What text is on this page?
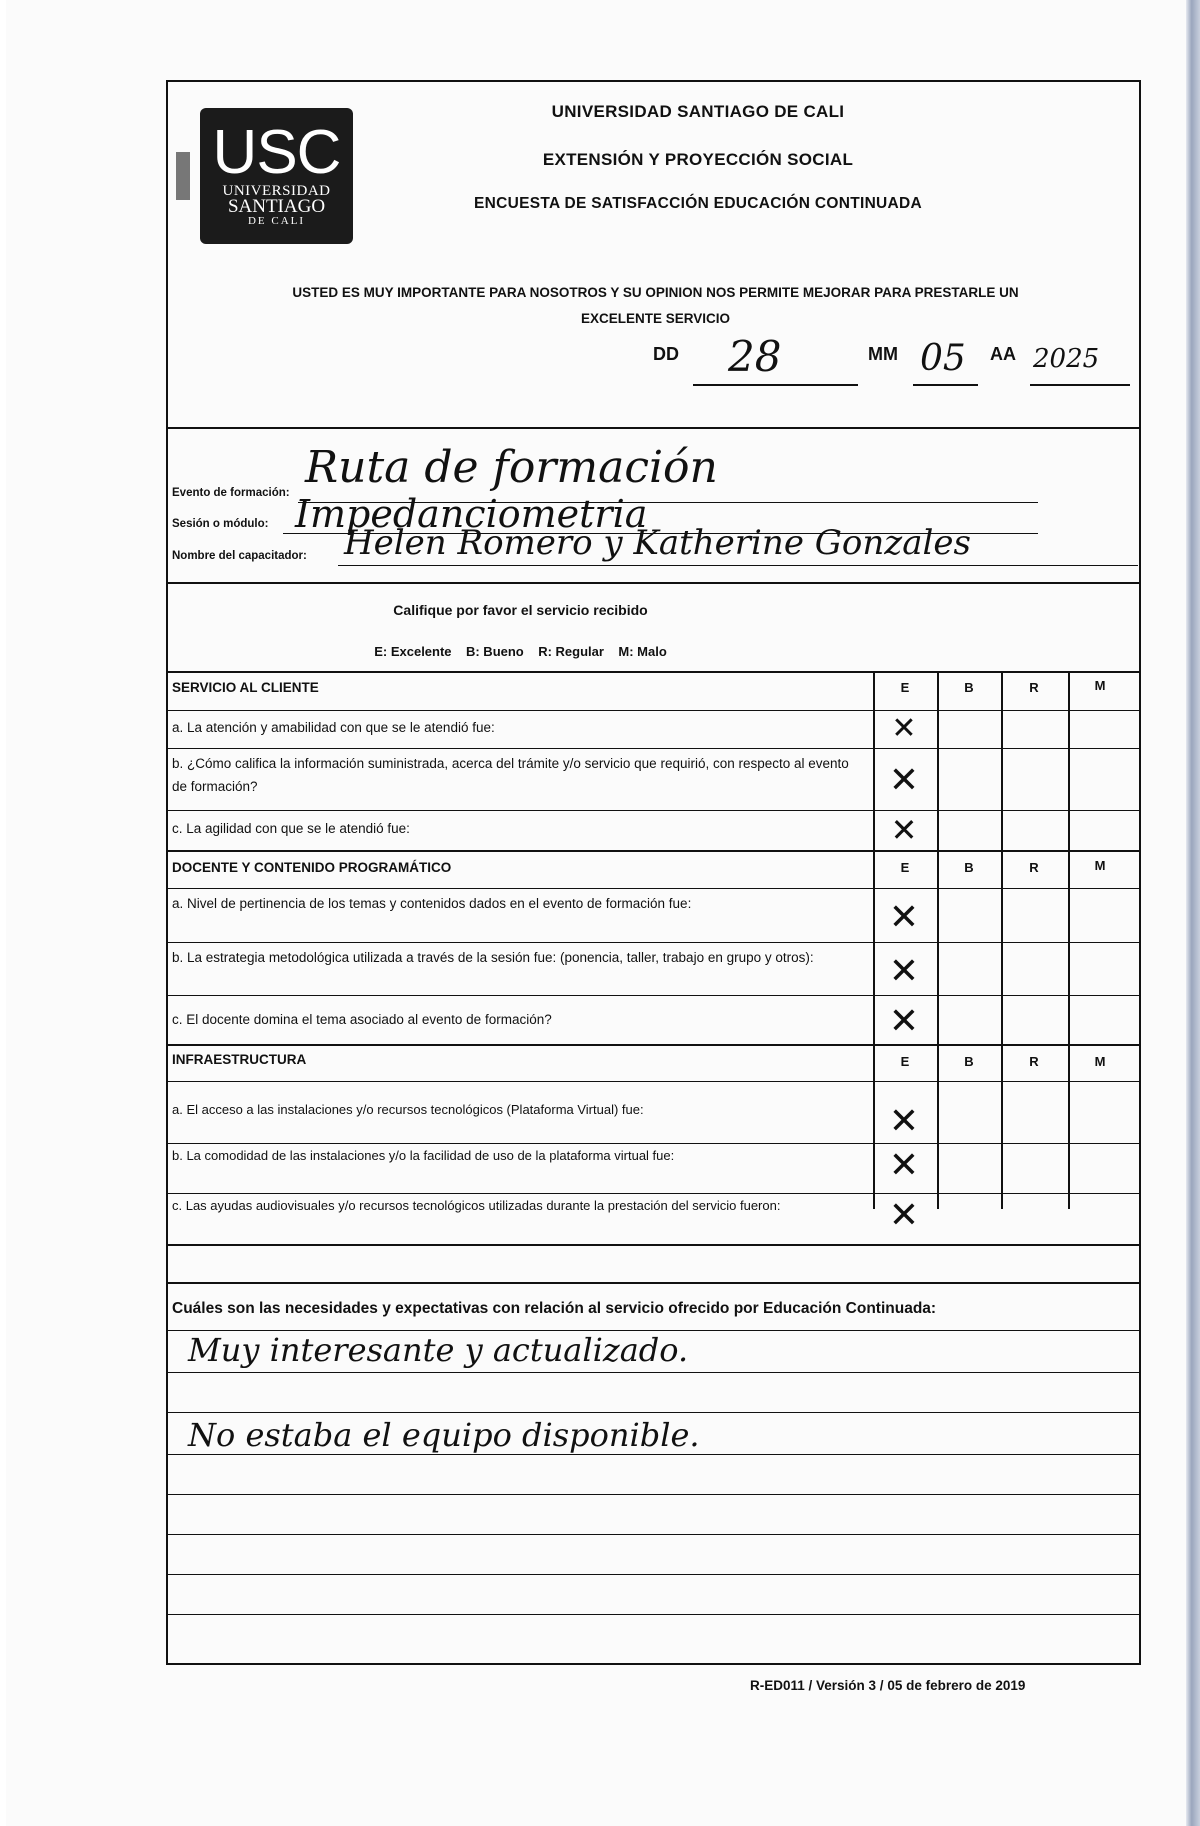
USC
UNIVERSIDAD
SANTIAGO
DE CALI
UNIVERSIDAD SANTIAGO DE CALI
EXTENSIÓN Y PROYECCIÓN SOCIAL
ENCUESTA DE SATISFACCIÓN EDUCACIÓN CONTINUADA
USTED ES MUY IMPORTANTE PARA NOSOTROS Y SU OPINION NOS PERMITE MEJORAR PARA PRESTARLE UN
EXCELENTE SERVICIO
DD 28	MM 05 AA 2025
Evento de formación: Ruta de formación
Sesión o módulo: Impedanciometria
Nombre del capacitador: Helen Romero y Katherine Gonzales
Califique por favor el servicio recibido
E: Excelente    B: Bueno    R: Regular    M: Malo
SERVICIO AL CLIENTE	E	B	R	M
a. La atención y amabilidad con que se le atendió fue:	✕
b. ¿Cómo califica la información suministrada, acerca del trámite y/o servicio que requirió, con respecto al evento de formación?	✕
c. La agilidad con que se le atendió fue:	✕
DOCENTE Y CONTENIDO PROGRAMÁTICO	E	B	R	M
a. Nivel de pertinencia de los temas y contenidos dados en el evento de formación fue:	✕
b. La estrategia metodológica utilizada a través de la sesión fue: (ponencia, taller, trabajo en grupo y otros):	✕
c. El docente domina el tema asociado al evento de formación?	✕
INFRAESTRUCTURA	E	B	R	M
a. El acceso a las instalaciones y/o recursos tecnológicos (Plataforma Virtual) fue:	✕
b. La comodidad de las instalaciones y/o la facilidad de uso de la plataforma virtual fue:	✕
c. Las ayudas audiovisuales y/o recursos tecnológicos utilizadas durante la prestación del servicio fueron:	✕
Cuáles son las necesidades y expectativas con relación al servicio ofrecido por Educación Continuada:
Muy interesante y actualizado.
No estaba el equipo disponible.
R-ED011 / Versión 3 / 05 de febrero de 2019
